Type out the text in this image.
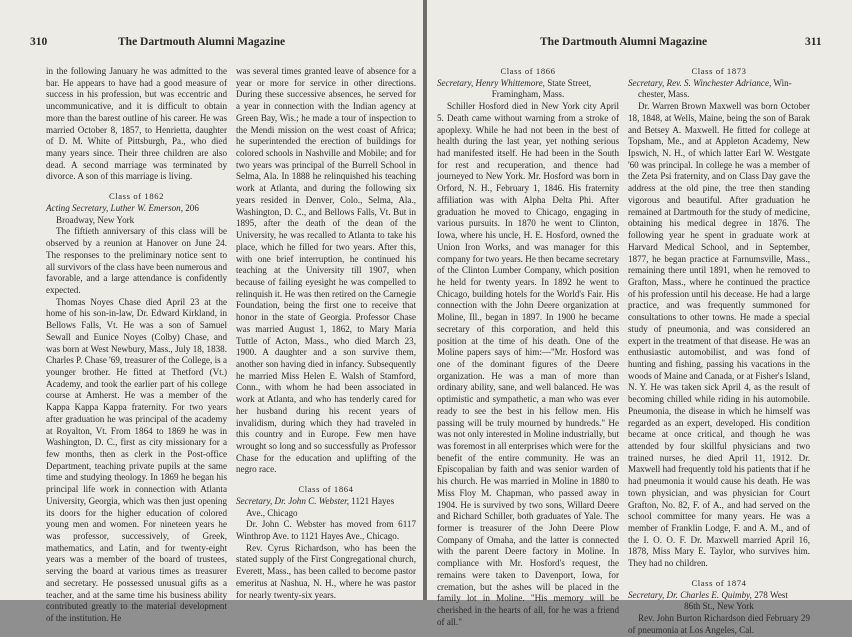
310	The Dartmouth Alumni Magazine

in the following January he was admitted to the bar. He appears to have had a good measure of success in his profession, but was eccentric and uncommunicative, and it is difficult to obtain more than the barest outline of his career. He was married October 8, 1857, to Henrietta, daughter of D. M. White of Pittsburgh, Pa., who died many years since. Their three children are also dead. A second marriage was terminated by divorce. A son of this marriage is living.

Class of 1862

Acting Secretary, Luther W. Emerson, 206

Broadway, New York

The fiftieth anniversary of this class will be observed by a reunion at Hanover on June 24. The responses to the preliminary notice sent to all survivors of the class have been numerous and favorable, and a large attendance is confidently expected.

Thomas Noyes Chase died April 23 at the home of his son-in-law, Dr. Edward Kirkland, in Bellows Falls, Vt. He was a son of Samuel Sewall and Eunice Noyes (Colby) Chase, and was born at West Newbury, Mass., July 18, 1838. Charles P. Chase '69, treasurer of the College, is a younger brother. He fitted at Thetford (Vt.) Academy, and took the earlier part of his college course at Amherst. He was a member of the Kappa Kappa Kappa fraternity. For two years after graduation he was principal of the academy at Royalton, Vt. From 1864 to 1869 he was in Washington, D. C., first as city missionary for a few months, then as clerk in the Post-office Department, teaching private pupils at the same time and studying theology. In 1869 he began his principal life work in connection with Atlanta University, Georgia, which was then just opening its doors for the higher education of colored young men and women. For nineteen years he was professor, successively, of Greek, mathematics, and Latin, and for twenty-eight years was a member of the board of trustees, serving the board at various times as treasurer and secretary. He possessed unusual gifts as a teacher, and at the same time his business ability contributed greatly to the material development of the institution. He

was several times granted leave of absence for a year or more for service in other directions. During these successive absences, he served for a year in connection with the Indian agency at Green Bay, Wis.; he made a tour of inspection to the Mendi mission on the west coast of Africa; he superintended the erection of buildings for colored schools in Nashville and Mobile; and for two years was principal of the Burrell School in Selma, Ala. In 1888 he relinquished his teaching work at Atlanta, and during the following six years resided in Denver, Colo., Selma, Ala., Washington, D. C., and Bellows Falls, Vt. But in 1895, after the death of the dean of the University, he was recalled to Atlanta to take his place, which he filled for two years. After this, with one brief interruption, he continued his teaching at the University till 1907, when because of failing eyesight he was compelled to relinquish it. He was then retired on the Carnegie Foundation, being the first one to receive that honor in the state of Georgia. Professor Chase was married August 1, 1862, to Mary Maria Tuttle of Acton, Mass., who died March 23, 1900. A daughter and a son survive them, another son having died in infancy. Subsequently he married Miss Helen E. Walsh of Stamford, Conn., with whom he had been associated in work at Atlanta, and who has tenderly cared for her husband during his recent years of invalidism, during which they had traveled in this country and in Europe. Few men have wrought so long and so successfully as Professor Chase for the education and uplifting of the negro race.

Class of 1864

Secretary, Dr. John C. Webster, 1121 Hayes

Ave., Chicago

Dr. John C. Webster has moved from 6117 Winthrop Ave. to 1121 Hayes Ave., Chicago.

Rev. Cyrus Richardson, who has been the stated supply of the First Congregational church, Everett, Mass., has been called to become pastor emeritus at Nashua, N. H., where he was pastor for nearly twenty-six years.

The Dartmouth Alumni Magazine	311
Class of 1866

Secretary, Henry Whittemore, State Street,

Framingham, Mass.

Schiller Hosford died in New York city April 5. Death came without warning from a stroke of apoplexy. While he had not been in the best of health during the last year, yet nothing serious had manifested itself. He had been in the South for rest and recuperation, and thence had journeyed to New York. Mr. Hosford was born in Orford, N. H., February 1, 1846. His fraternity affiliation was with Alpha Delta Phi. After graduation he moved to Chicago, engaging in various pursuits. In 1870 he went to Clinton, Iowa, where his uncle, H. E. Hosford, owned the Union Iron Works, and was manager for this company for two years. He then became secretary of the Clinton Lumber Company, which position he held for twenty years. In 1892 he went to Chicago, building hotels for the World's Fair. His connection with the John Deere organization at Moline, Ill., began in 1897. In 1900 he became secretary of this corporation, and held this position at the time of his death. One of the Moline papers says of him:—"Mr. Hosford was one of the dominant figures of the Deere organization. He was a man of more than ordinary ability, sane, and well balanced. He was optimistic and sympathetic, a man who was ever ready to see the best in his fellow men. His passing will be truly mourned by hundreds." He was not only interested in Moline industrially, but was foremost in all enterprises which were for the benefit of the entire community. He was an Episcopalian by faith and was senior warden of his church. He was married in Moline in 1880 to Miss Floy M. Chapman, who passed away in 1904. He is survived by two sons, Willard Deere and Richard Schiller, both graduates of Yale. The former is treasurer of the John Deere Plow Company of Omaha, and the latter is connected with the parent Deere factory in Moline. In compliance with Mr. Hosford's request, the remains were taken to Davenport, Iowa, for cremation, but the ashes will be placed in the family lot in Moline. "His memory will be cherished in the hearts of all, for he was a friend of all."

Class of 1873

Secretary, Rev. S. Winchester Adriance, Win-

chester, Mass.

Dr. Warren Brown Maxwell was born October 18, 1848, at Wells, Maine, being the son of Barak and Betsey A. Maxwell. He fitted for college at Topsham, Me., and at Appleton Academy, New Ipswich, N. H., of which latter Earl W. Westgate '60 was principal. In college he was a member of the Zeta Psi fraternity, and on Class Day gave the address at the old pine, the tree then standing vigorous and beautiful. After graduation he remained at Dartmouth for the study of medicine, obtaining his medical degree in 1876. The following year he spent in graduate work at Harvard Medical School, and in September, 1877, he began practice at Farnumsville, Mass., remaining there until 1891, when he removed to Grafton, Mass., where he continued the practice of his profession until his decease. He had a large practice, and was frequently summoned for consultations to other towns. He made a special study of pneumonia, and was considered an expert in the treatment of that disease. He was an enthusiastic automobilist, and was fond of hunting and fishing, passing his vacations in the woods of Maine and Canada, or at Fisher's Island, N. Y. He was taken sick April 4, as the result of becoming chilled while riding in his automobile. Pneumonia, the disease in which he himself was regarded as an expert, developed. His condition became at once critical, and though he was attended by four skillful physicians and two trained nurses, he died April 11, 1912. Dr. Maxwell had frequently told his patients that if he had pneumonia it would cause his death. He was town physician, and was physician for Court Grafton, No. 82, F. of A., and had served on the school committee for many years. He was a member of Franklin Lodge, F. and A. M., and of the I. O. O. F. Dr. Maxwell married April 16, 1878, Miss Mary E. Taylor, who survives him. They had no children.

Class of 1874

Secretary, Dr. Charles E. Quimby, 278 West

86th St., New York

Rev. John Burton Richardson died February 29 of pneumonia at Los Angeles, Cal.
